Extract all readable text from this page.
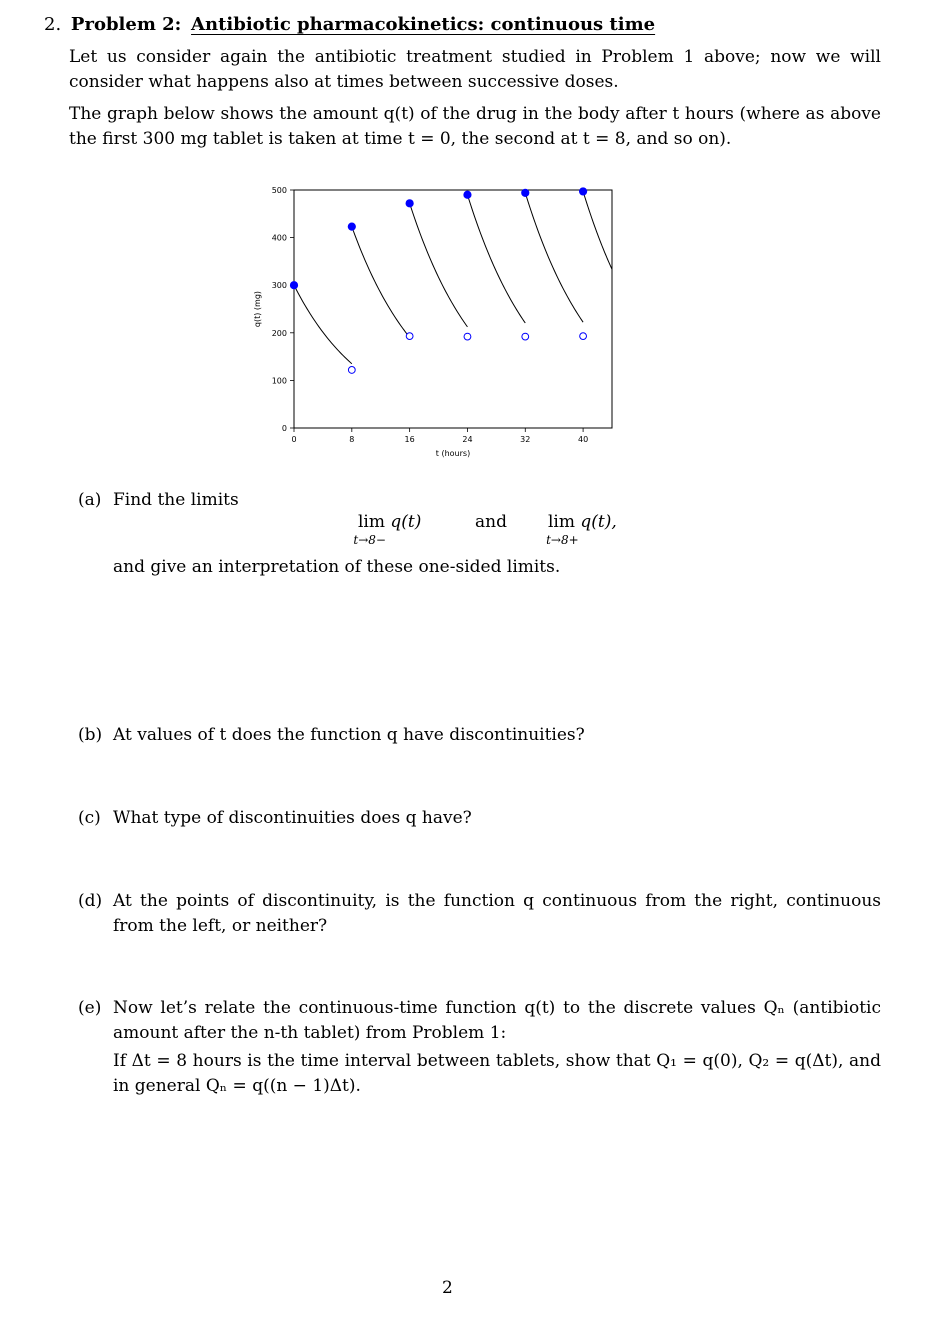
2. Problem 2: Antibiotic pharmacokinetics: continuous time
Let us consider again the antibiotic treatment studied in Problem 1 above; now we will consider what happens also at times between successive doses.
The graph below shows the amount q(t) of the drug in the body after t hours (where as above the first 300 mg tablet is taken at time t = 0, the second at t = 8, and so on).
0
100
200
300
400
500
0	8	16	24	32	40
t (hours)
q(t) (mg)
(a) Find the limits
lim q(t)
t→8−
and lim q(t),
t→8+
and give an interpretation of these one-sided limits.
(b) At values of t does the function q have discontinuities?
(c) What type of discontinuities does q have?
(d) At the points of discontinuity, is the function q continuous from the right, continuous from the left, or neither?
(e) Now let’s relate the continuous-time function q(t) to the discrete values Qₙ (antibiotic amount after the n-th tablet) from Problem 1:
If Δt = 8 hours is the time interval between tablets, show that Q₁ = q(0), Q₂ = q(Δt), and in general Qₙ = q((n − 1)Δt).
2
